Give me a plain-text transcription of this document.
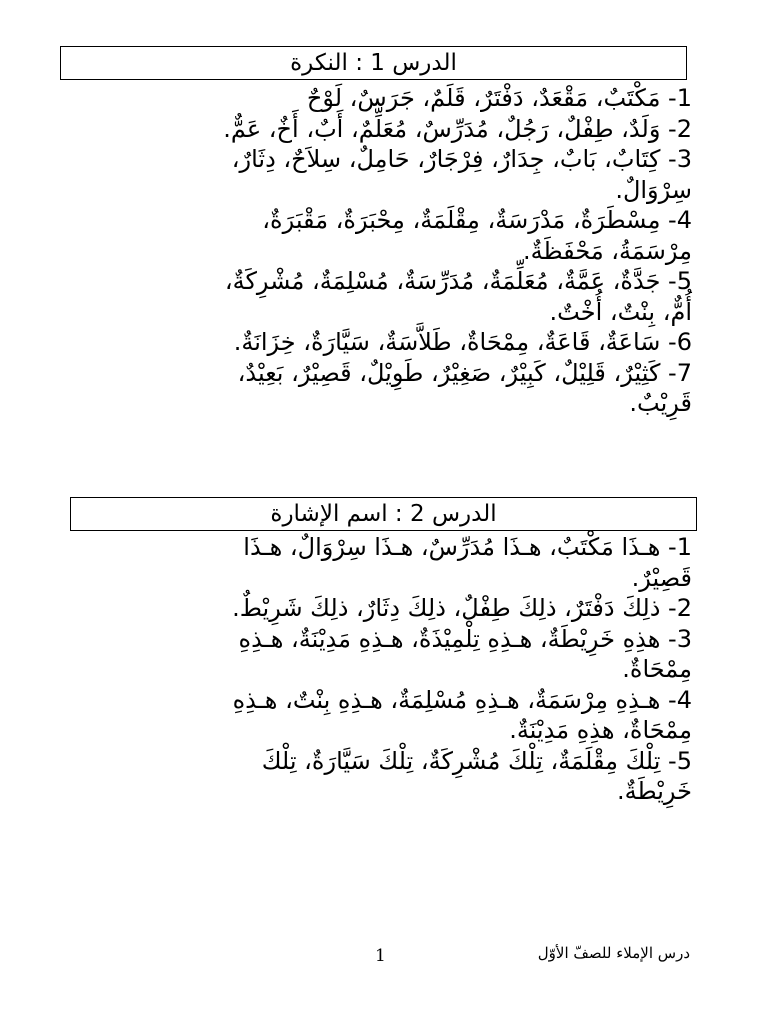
الدرس 1 : النكرة
1- مَكْتَبٌ، مَقْعَدٌ، دَفْتَرٌ، قَلَمٌ، جَرَسٌ، لَوْحٌ
2- وَلَدٌ، طِفْلٌ، رَجُلٌ، مُدَرِّسٌ، مُعَلِّمٌ، أَبٌ، أَخٌ، عَمٌّ.
3- كِتَابٌ، بَابٌ، جِدَارٌ، فِرْجَارٌ، حَامِلٌ، سِلاَحٌ، دِثَارٌ،
سِرْوَالٌ.
4- مِسْطَرَةٌ، مَدْرَسَةٌ، مِقْلَمَةٌ، مِحْبَرَةٌ، مَقْبَرَةٌ،
مِرْسَمَةُ، مَحْفَظَةٌ.
5- جَدَّةٌ، عَمَّةٌ، مُعَلِّمَةٌ، مُدَرِّسَةٌ، مُسْلِمَةٌ، مُشْرِكَةٌ،
أُمٌّ، بِنْتٌ، أُخْتٌ.
6- سَاعَةٌ، قَاعَةٌ، مِمْحَاةٌ، طَلاَّسَةٌ، سَيَّارَةٌ، خِزَانَةٌ.
7- كَثِيْرٌ، قَلِيْلٌ، كَبِيْرٌ، صَغِيْرٌ، طَوِيْلٌ، قَصِيْرٌ، بَعِيْدٌ،
قَرِيْبٌ.
الدرس 2 : اسم الإشارة
1- هـذَا مَكْتَبٌ، هـذَا مُدَرِّسٌ، هـذَا سِرْوَالٌ، هـذَا
قَصِيْرٌ.
2- ذلِكَ دَفْتَرٌ، ذلِكَ طِفْلٌ، ذلِكَ دِثَارٌ، ذلِكَ شَرِيْطٌ.
3- هذِهِ خَرِيْطَةٌ، هـذِهِ تِلْمِيْذَةٌ، هـذِهِ مَدِيْنَةٌ، هـذِهِ
مِمْحَاةٌ.
4- هـذِهِ مِرْسَمَةٌ، هـذِهِ مُسْلِمَةٌ، هـذِهِ بِنْتٌ، هـذِهِ
مِمْحَاةٌ، هذِهِ مَدِيْنَةٌ.
5- تِلْكَ مِقْلَمَةٌ، تِلْكَ مُشْرِكَةٌ، تِلْكَ سَيَّارَةٌ، تِلْكَ
خَرِيْطَةٌ.
درس الإملاء للصفّ الأوّل
1
